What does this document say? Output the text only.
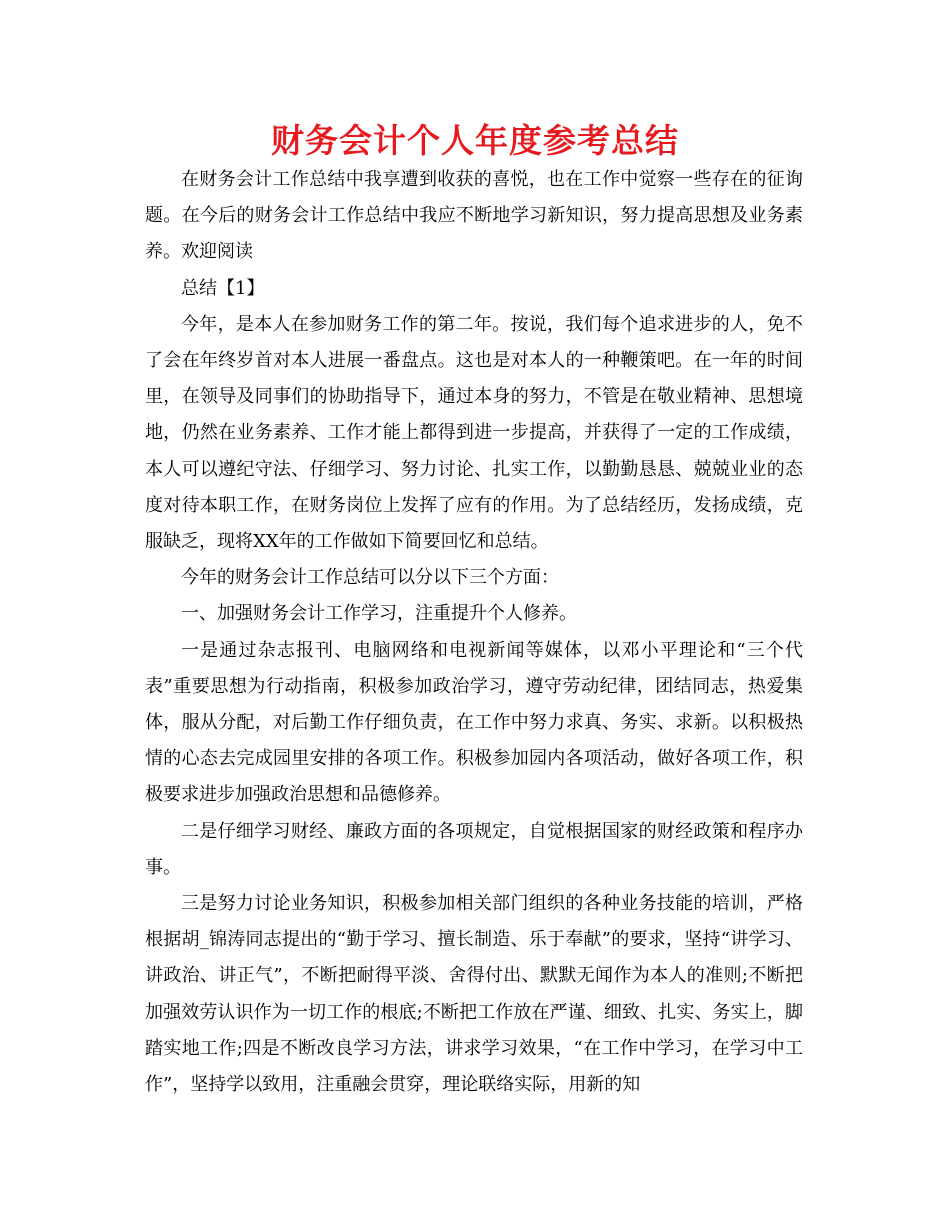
财务会计个人年度参考总结

在财务会计工作总结中我享遭到收获的喜悦，也在工作中觉察一些存在的征询题。在今后的财务会计工作总结中我应不断地学习新知识，努力提高思想及业务素养。欢迎阅读

总结【1】

今年，是本人在参加财务工作的第二年。按说，我们每个追求进步的人，免不了会在年终岁首对本人进展一番盘点。这也是对本人的一种鞭策吧。在一年的时间里，在领导及同事们的协助指导下，通过本身的努力，不管是在敬业精神、思想境地，仍然在业务素养、工作才能上都得到进一步提高，并获得了一定的工作成绩，本人可以遵纪守法、仔细学习、努力讨论、扎实工作，以勤勤恳恳、兢兢业业的态度对待本职工作，在财务岗位上发挥了应有的作用。为了总结经历，发扬成绩，克服缺乏，现将XX年的工作做如下简要回忆和总结。

今年的财务会计工作总结可以分以下三个方面：

一、加强财务会计工作学习，注重提升个人修养。

一是通过杂志报刊、电脑网络和电视新闻等媒体，以邓小平理论和“三个代表”重要思想为行动指南，积极参加政治学习，遵守劳动纪律，团结同志，热爱集体，服从分配，对后勤工作仔细负责，在工作中努力求真、务实、求新。以积极热情的心态去完成园里安排的各项工作。积极参加园内各项活动，做好各项工作，积极要求进步加强政治思想和品德修养。

二是仔细学习财经、廉政方面的各项规定，自觉根据国家的财经政策和程序办事。

三是努力讨论业务知识，积极参加相关部门组织的各种业务技能的培训，严格根据胡_锦涛同志提出的“勤于学习、擅长制造、乐于奉献”的要求，坚持“讲学习、讲政治、讲正气”，不断把耐得平淡、舍得付出、默默无闻作为本人的准则;不断把加强效劳认识作为一切工作的根底;不断把工作放在严谨、细致、扎实、务实上，脚踏实地工作;四是不断改良学习方法，讲求学习效果，“在工作中学习，在学习中工作”，坚持学以致用，注重融会贯穿，理论联络实际，用新的知
